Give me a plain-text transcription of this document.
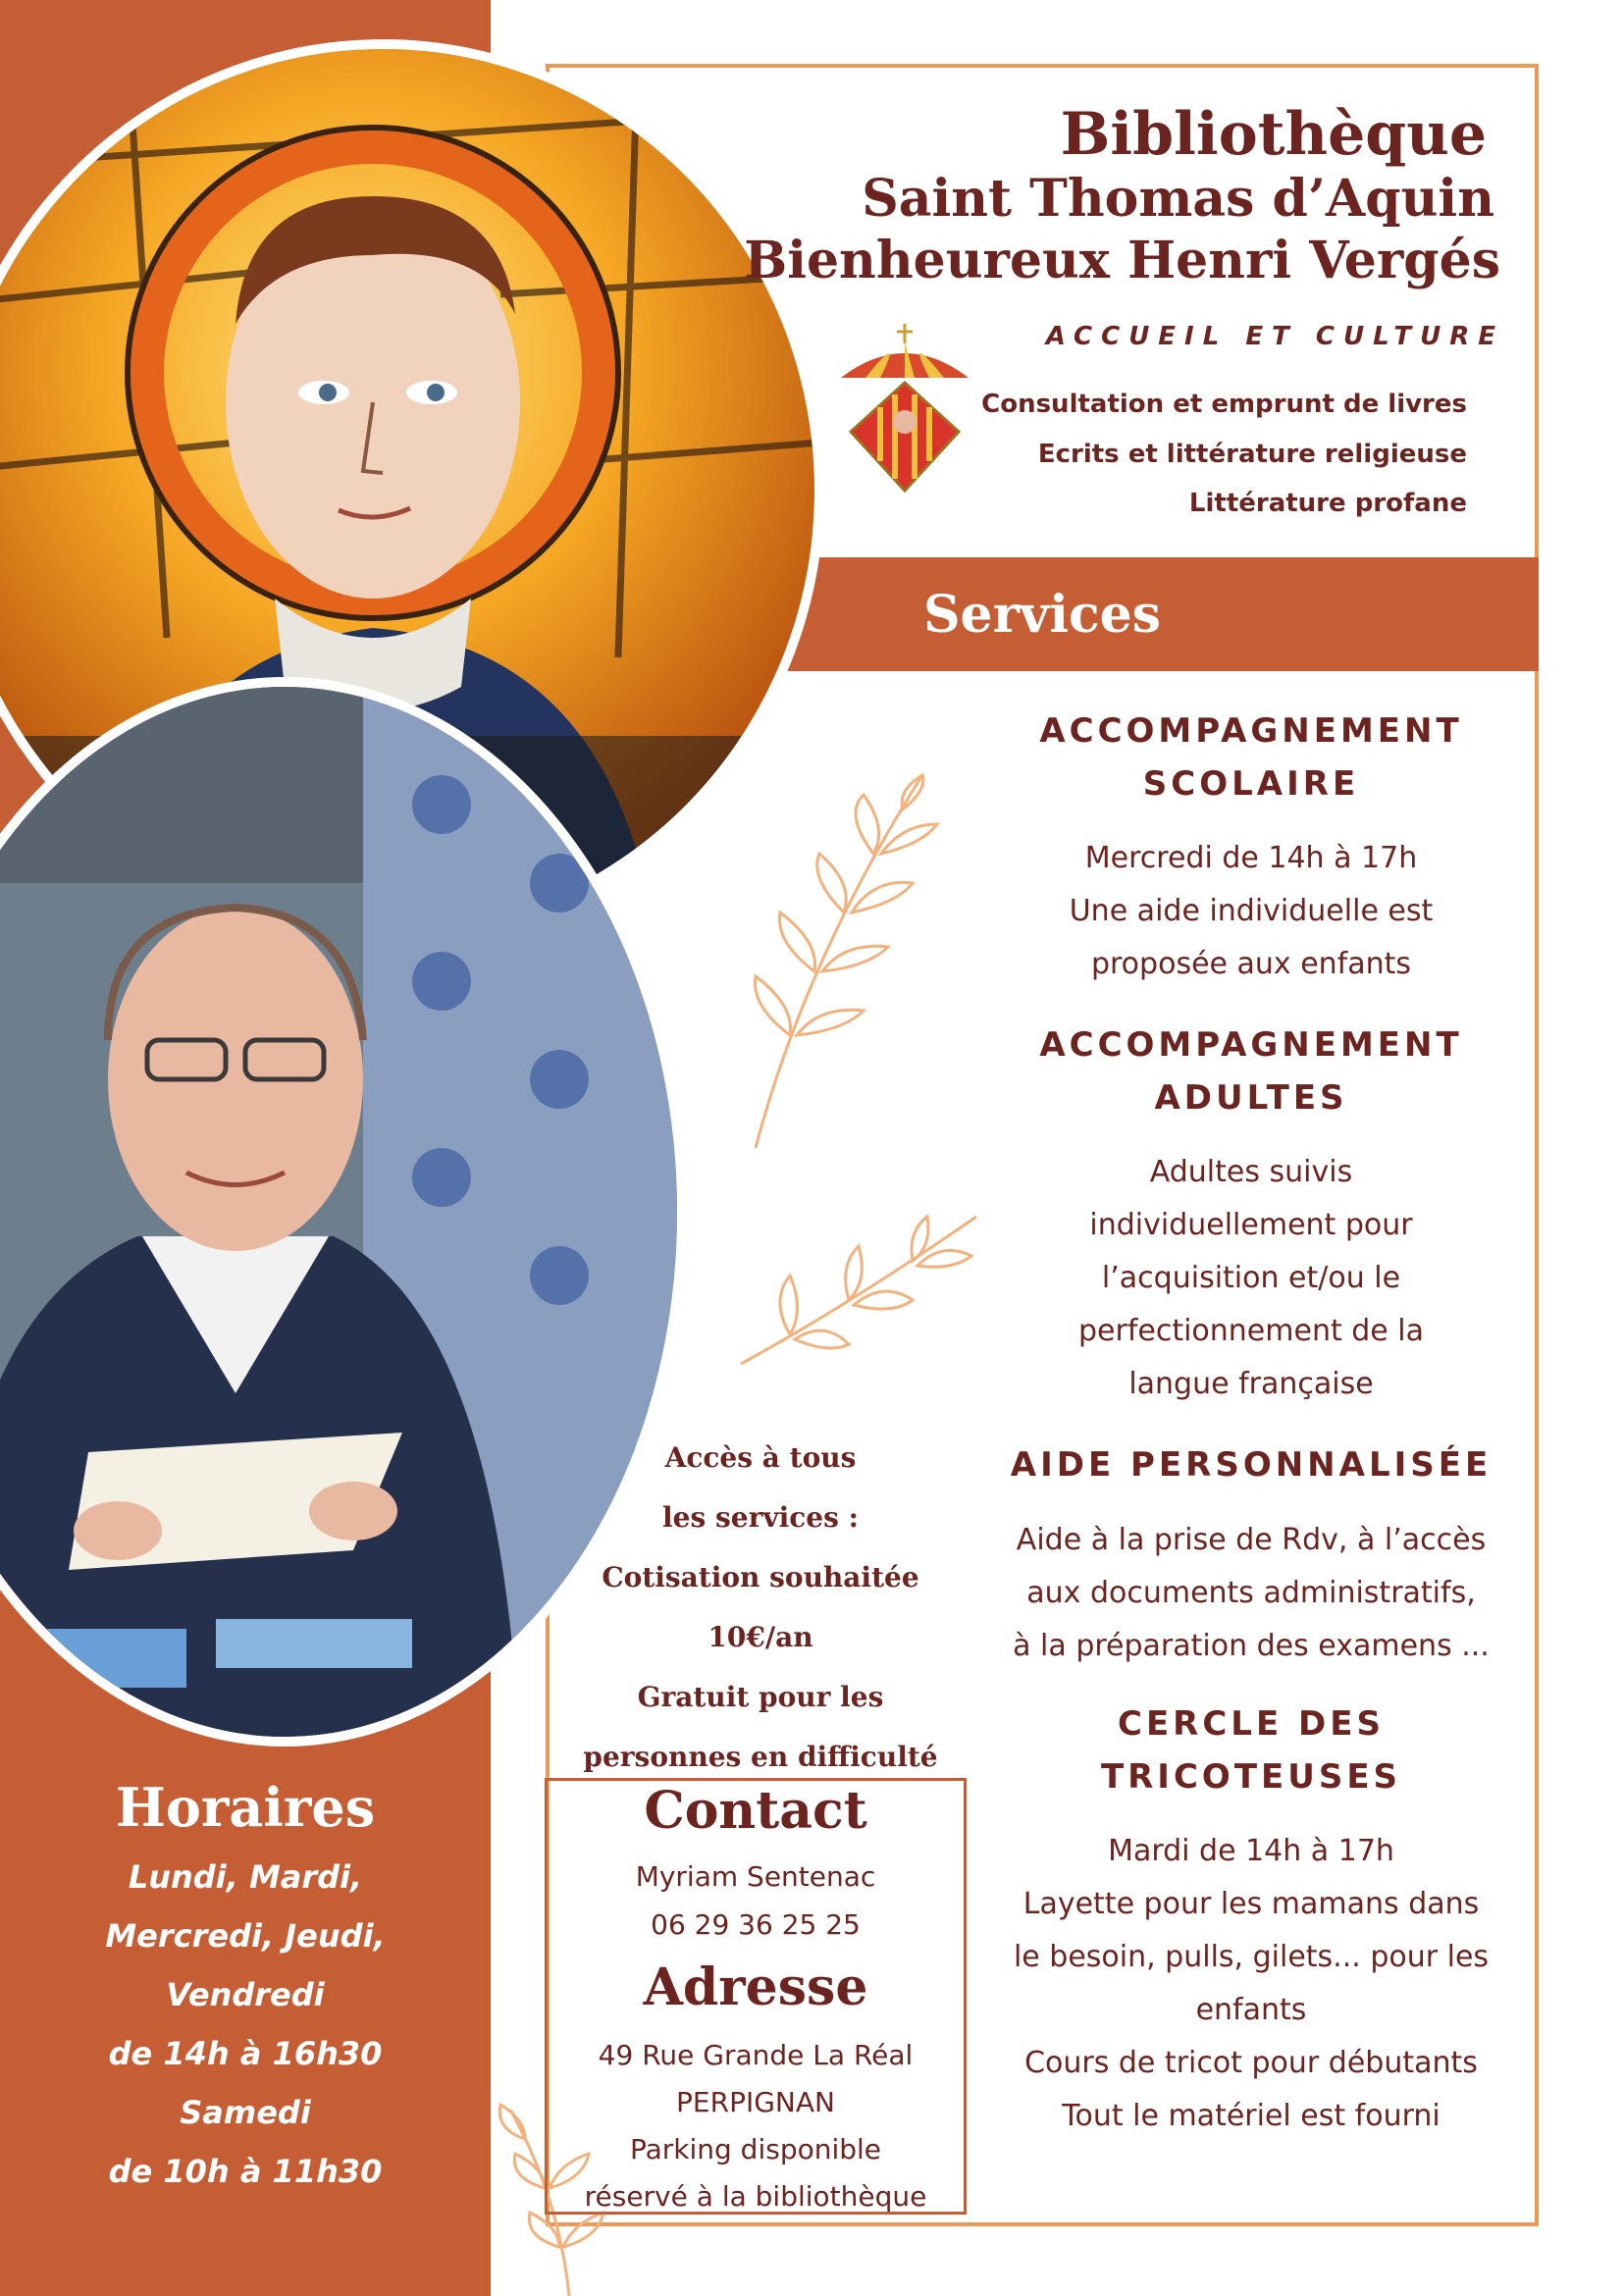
Services
Bibliothèque
Saint Thomas d’Aquin
Bienheureux Henri Vergés
ACCUEIL ET CULTURE
Consultation et emprunt de livres
Ecrits et littérature religieuse
Littérature profane
ACCOMPAGNEMENT
SCOLAIRE
Mercredi de 14h à 17h
Une aide individuelle est
proposée aux enfants
ACCOMPAGNEMENT
ADULTES
Adultes suivis
individuellement pour
l’acquisition et/ou le
perfectionnement de la
langue française
AIDE PERSONNALISÉE
Aide à la prise de Rdv, à l’accès
aux documents administratifs,
à la préparation des examens ...
CERCLE DES
TRICOTEUSES
Mardi de 14h à 17h
Layette pour les mamans dans
le besoin, pulls, gilets... pour les
enfants
Cours de tricot pour débutants
Tout le matériel est fourni
Accès à tous
les services :
Cotisation souhaitée
10€/an
Gratuit pour les
personnes en difficulté
Contact
Myriam Sentenac
06 29 36 25 25
Adresse
49 Rue Grande La Réal
PERPIGNAN
Parking disponible
réservé à la bibliothèque
Horaires
Lundi, Mardi,
Mercredi, Jeudi,
Vendredi
de 14h à 16h30
Samedi
de 10h à 11h30
